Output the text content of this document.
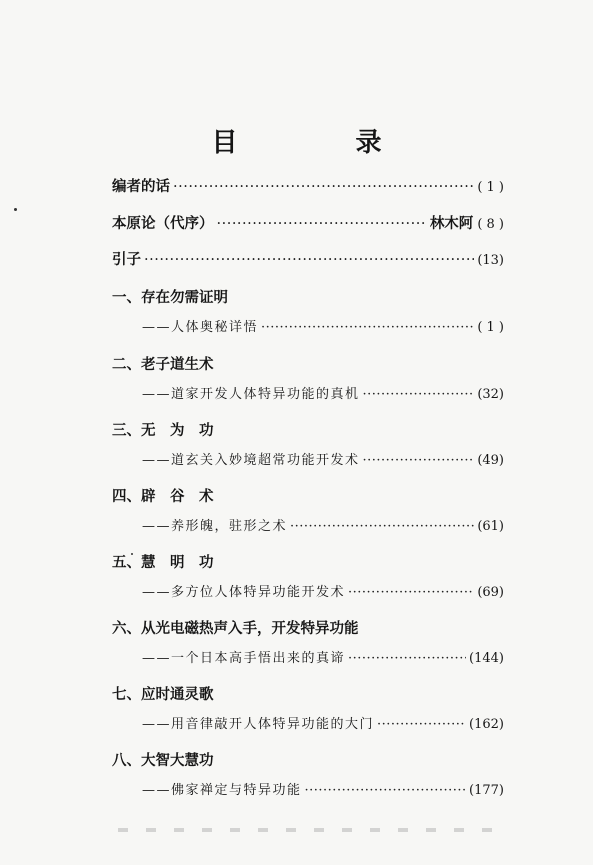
目　录
编者的话 ·····	( 1 )
本原论（代序） ·····	林木阿 ( 8 )
引子 ·····	(13)
一、存在勿需证明
——人体奥秘详悟 ·····	( 1 )
二、老子道生术
——道家开发人体特异功能的真机 ·····	(32)
三、无　为　功
——道玄关入妙境超常功能开发术 ·····	(49)
四、辟　谷　术
——养形魄，驻形之术 ·····	(61)
五、慧　明　功
——多方位人体特异功能开发术 ·····	(69)
六、从光电磁热声入手，开发特异功能
——一个日本高手悟出来的真谛 ·····	(144)
七、应时通灵歌
——用音律敲开人体特异功能的大门 ·····	(162)
八、大智大慧功
——佛家禅定与特异功能 ·····	(177)
